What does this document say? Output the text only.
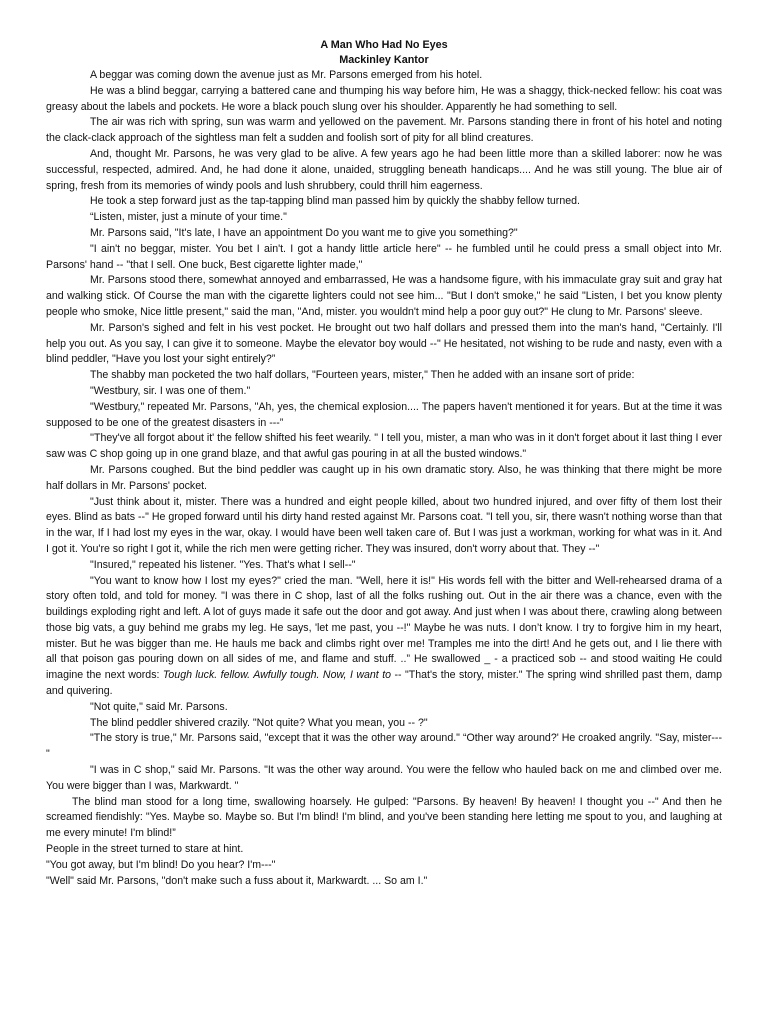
A Man Who Had No Eyes
Mackinley Kantor

A beggar was coming down the avenue just as Mr. Parsons emerged from his hotel.

He was a blind beggar, carrying a battered cane and thumping his way before him, He was a shaggy, thick-necked fellow: his coat was greasy about the labels and pockets. He wore a black pouch slung over his shoulder. Apparently he had something to sell.

The air was rich with spring, sun was warm and yellowed on the pavement. Mr. Parsons standing there in front of his hotel and noting the clack-clack approach of the sightless man felt a sudden and foolish sort of pity for all blind creatures.

And, thought Mr. Parsons, he was very glad to be alive. A few years ago he had been little more than a skilled laborer: now he was successful, respected, admired. And, he had done it alone, unaided, struggling beneath handicaps.... And he was still young. The blue air of spring, fresh from its memories of windy pools and lush shrubbery, could thrill him eagerness.

He took a step forward just as the tap-tapping blind man passed him by quickly the shabby fellow turned.

“Listen, mister, just a minute of your time."

Mr. Parsons said, "It's late, I have an appointment Do you want me to give you something?"

"I ain't no beggar, mister. You bet I ain't. I got a handy little article here" -- he fumbled until he could press a small object into Mr. Parsons' hand -- "that I sell. One buck, Best cigarette lighter made,"

Mr. Parsons stood there, somewhat annoyed and embarrassed, He was a handsome figure, with his immaculate gray suit and gray hat and walking stick. Of Course the man with the cigarette lighters could not see him... "But I don't smoke," he said "Listen, I bet you know plenty people who smoke, Nice little present," said the man, "And, mister. you wouldn't mind help a poor guy out?" He clung to Mr. Parsons' sleeve.

Mr. Parson's sighed and felt in his vest pocket. He brought out two half dollars and pressed them into the man's hand, "Certainly. I'll help you out. As you say, I can give it to someone. Maybe the elevator boy would --" He hesitated, not wishing to be rude and nasty, even with a blind peddler, "Have you lost your sight entirely?”

The shabby man pocketed the two half dollars, "Fourteen years, mister," Then he added with an insane sort of pride:

"Westbury, sir. I was one of them."

"Westbury," repeated Mr. Parsons, "Ah, yes, the chemical explosion.... The papers haven't mentioned it for years. But at the time it was supposed to be one of the greatest disasters in ---”

''They've all forgot about it' the fellow shifted his feet wearily. " I tell you, mister, a man who was in it don't forget about it last thing I ever saw was C shop going up in one grand blaze, and that awful gas pouring in at all the busted windows."

Mr. Parsons coughed. But the bind peddler was caught up in his own dramatic story. Also, he was thinking that there might be more half dollars in Mr. Parsons' pocket.

"Just think about it, mister. There was a hundred and eight people killed, about two hundred injured, and over fifty of them lost their eyes. Blind as bats --" He groped forward until his dirty hand rested against Mr. Parsons coat. "I tell you, sir, there wasn't nothing worse than that in the war, If I had lost my eyes in the war, okay. I would have been well taken care of. But I was just a workman, working for what was in it. And I got it. You're so right I got it, while the rich men were getting richer. They was insured, don't worry about that. They --"

"Insured," repeated his listener. "Yes. That's what I sell--"

"You want to know how I lost my eyes?" cried the man. "Well, here it is!" His words fell with the bitter and Well-rehearsed drama of a story often told, and told for money. "I was there in C shop, last of all the folks rushing out. Out in the air there was a chance, even with the buildings exploding right and left. A lot of guys made it safe out the door and got away. And just when I was about there, crawling along between those big vats, a guy behind me grabs my leg. He says, 'let me past, you --!" Maybe he was nuts. I don’t know. I try to forgive him in my heart, mister. But he was bigger than me. He hauls me back and climbs right over me! Tramples me into the dirt! And he gets out, and I lie there with all that poison gas pouring down on all sides of me, and flame and stuff. ..” He swallowed _ - a practiced sob -- and stood waiting He could imagine the next words: Tough luck. fellow. Awfully tough. Now, I want to -- "That's the story, mister." The spring wind shrilled past them, damp and quivering.

"Not quite," said Mr. Parsons.

The blind peddler shivered crazily. "Not quite? What you mean, you -- ?"

"The story is true," Mr. Parsons said, "except that it was the other way around." “Other way around?' He croaked angrily. "Say, mister--- "

"I was in C shop," said Mr. Parsons. "It was the other way around. You were the fellow who hauled back on me and climbed over me. You were bigger than I was, Markwardt. "

The blind man stood for a long time, swallowing hoarsely. He gulped: "Parsons. By heaven! By heaven! I thought you --" And then he screamed fiendishly: "Yes. Maybe so. Maybe so. But I'm blind! I'm blind, and you've been standing here letting me spout to you, and laughing at me every minute! I'm blind!”

People in the street turned to stare at hint.

"You got away, but I'm blind! Do you hear? I'm---"

"Well" said Mr. Parsons, "don't make such a fuss about it, Markwardt. ... So am I."
